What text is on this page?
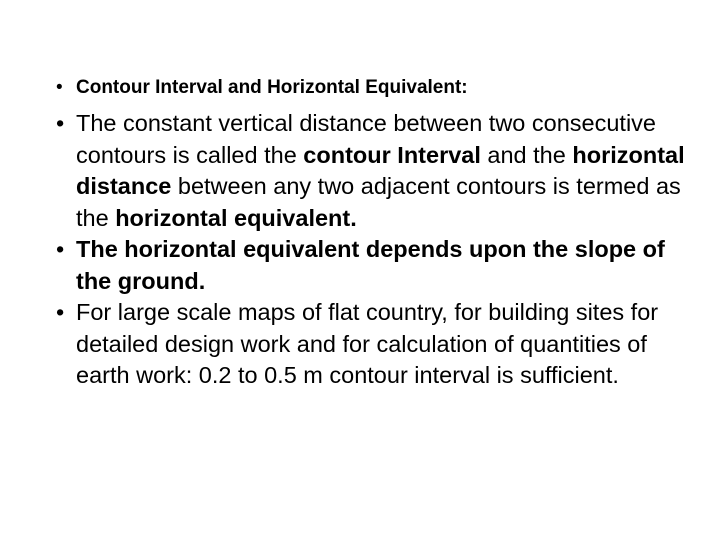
• Contour Interval and Horizontal Equivalent:
• The constant vertical distance between two consecutive contours is called the contour Interval and the horizontal distance between any two adjacent contours is termed as the horizontal equivalent.
• The horizontal equivalent depends upon the slope of the ground.
• For large scale maps of flat country, for building sites for detailed design work and for calculation of quantities of earth work: 0.2 to 0.5 m contour interval is sufficient.
